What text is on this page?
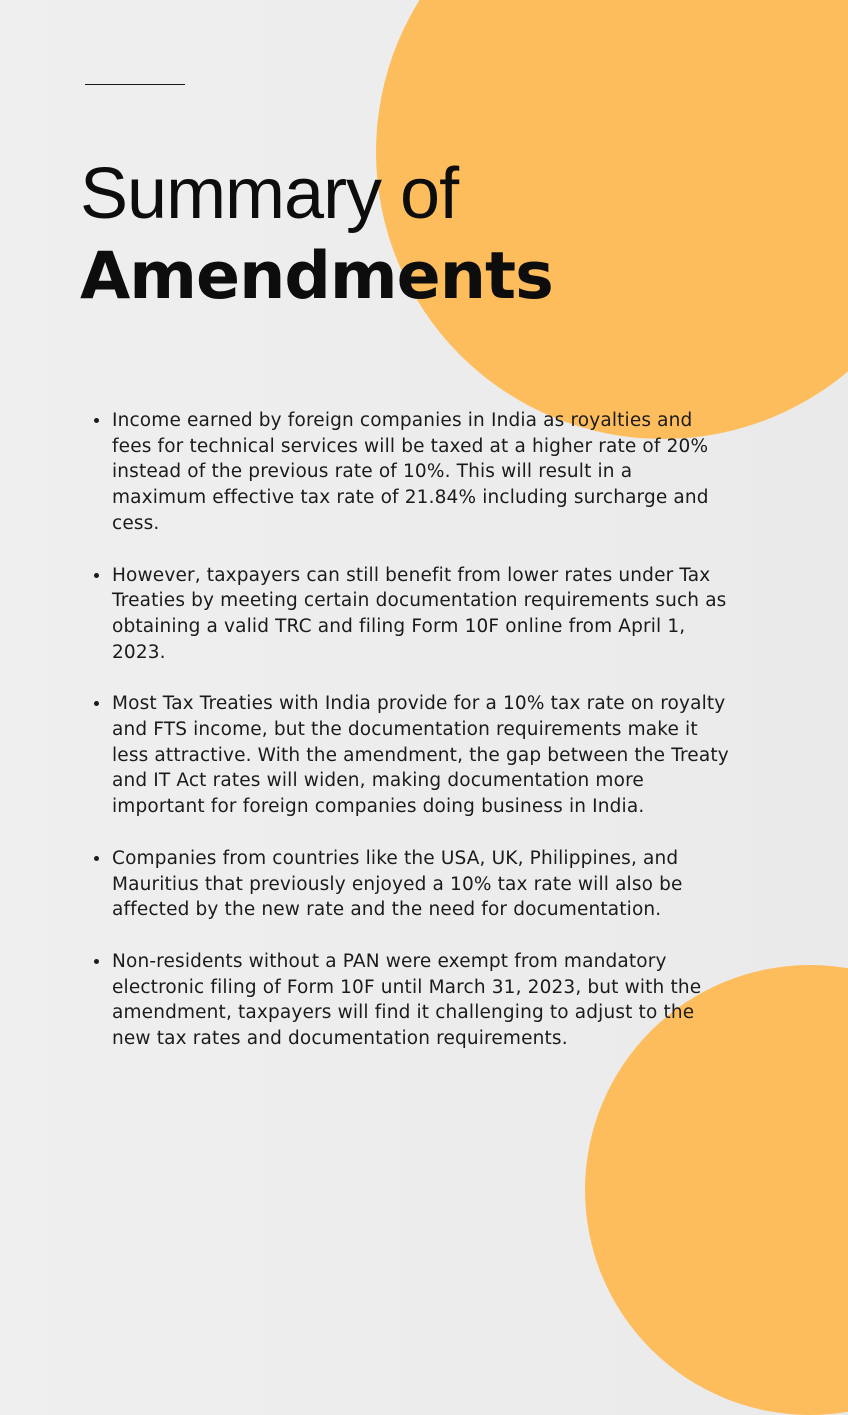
Summary of
Amendments
Income earned by foreign companies in India as royalties and fees for technical services will be taxed at a higher rate of 20% instead of the previous rate of 10%. This will result in a maximum effective tax rate of 21.84% including surcharge and cess.
However, taxpayers can still benefit from lower rates under Tax Treaties by meeting certain documentation requirements such as obtaining a valid TRC and filing Form 10F online from April 1, 2023.
Most Tax Treaties with India provide for a 10% tax rate on royalty and FTS income, but the documentation requirements make it less attractive. With the amendment, the gap between the Treaty and IT Act rates will widen, making documentation more important for foreign companies doing business in India.
Companies from countries like the USA, UK, Philippines, and Mauritius that previously enjoyed a 10% tax rate will also be affected by the new rate and the need for documentation.
Non-residents without a PAN were exempt from mandatory electronic filing of Form 10F until March 31, 2023, but with the amendment, taxpayers will find it challenging to adjust to the new tax rates and documentation requirements.
